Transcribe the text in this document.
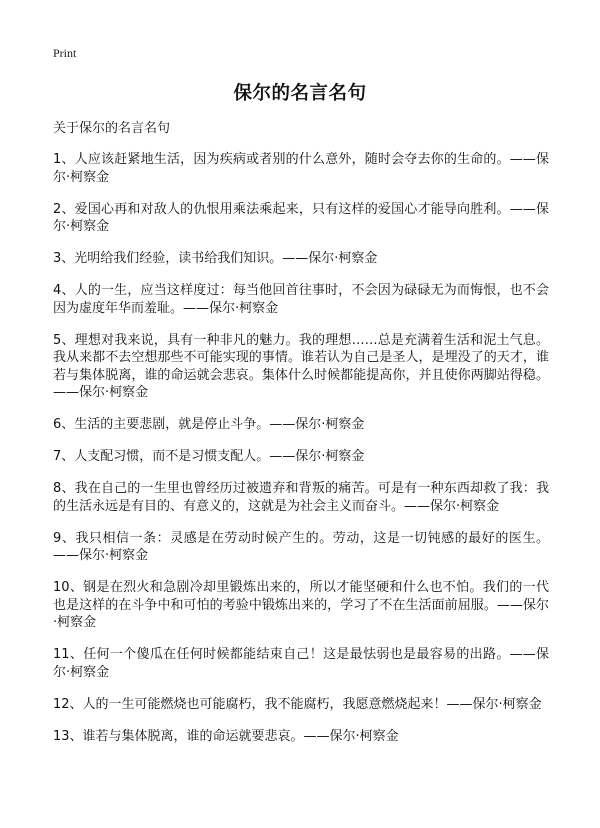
Print
保尔的名言名句
关于保尔的名言名句
1、人应该赶紧地生活，因为疾病或者别的什么意外，随时会夺去你的生命的。——保尔·柯察金
2、爱国心再和对敌人的仇恨用乘法乘起来，只有这样的爱国心才能导向胜利。——保尔·柯察金
3、光明给我们经验，读书给我们知识。——保尔·柯察金
4、人的一生，应当这样度过：每当他回首往事时，不会因为碌碌无为而悔恨，也不会因为虚度年华而羞耻。——保尔·柯察金
5、理想对我来说，具有一种非凡的魅力。我的理想……总是充满着生活和泥土气息。我从来都不去空想那些不可能实现的事情。谁若认为自己是圣人，是埋没了的天才，谁若与集体脱离，谁的命运就会悲哀。集体什么时候都能提高你，并且使你两脚站得稳。——保尔·柯察金
6、生活的主要悲剧，就是停止斗争。——保尔·柯察金
7、人支配习惯，而不是习惯支配人。——保尔·柯察金
8、我在自己的一生里也曾经历过被遗弃和背叛的痛苦。可是有一种东西却救了我：我的生活永远是有目的、有意义的，这就是为社会主义而奋斗。——保尔·柯察金
9、我只相信一条：灵感是在劳动时候产生的。劳动，这是一切钝感的最好的医生。——保尔·柯察金
10、钢是在烈火和急剧冷却里锻炼出来的，所以才能坚硬和什么也不怕。我们的一代也是这样的在斗争中和可怕的考验中锻炼出来的，学习了不在生活面前屈服。——保尔·柯察金
11、任何一个傻瓜在任何时候都能结束自己！这是最怯弱也是最容易的出路。——保尔·柯察金
12、人的一生可能燃烧也可能腐朽，我不能腐朽，我愿意燃烧起来！——保尔·柯察金
13、谁若与集体脱离，谁的命运就要悲哀。——保尔·柯察金
